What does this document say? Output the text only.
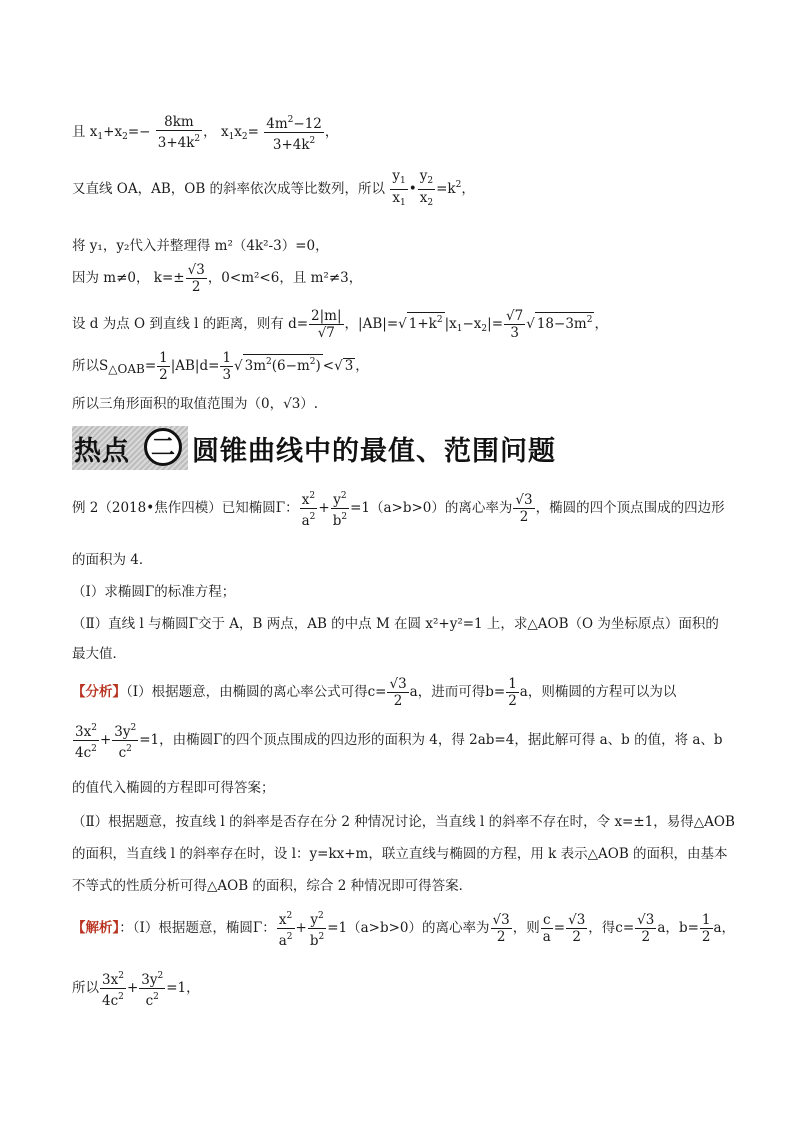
且 $x_1+x_2=- \frac{8km}{3+4k^2}$ ， $x_1x_2= \frac{4m^2-12}{3+4k^2}$ ，
又直线 OA，AB，OB 的斜率依次成等比数列，所以 $\frac{y_1}{x_1}$ • $\frac{y_2}{x_2} =k^2$，
将 y₁，y₂代入并整理得 m²（4k²-3）=0，
因为 m≠0， $k=\pm \frac{√3}{2}$ ，0<m²<6，且 m²≠3，
设 d 为点 O 到直线 l 的距离，则有 $d= \frac{2|m|}{√7}$ ，|AB|=√ $1+k^2$ $|x_1-x_2|= \frac{√7}{3}$ √ $18-3m^2$ ，
所以$S_{\triangle OAB}= \frac{1}{2} |AB|d= \frac{1}{3}$ √ $3m^2(6-m^2)$ <√ 3 ，
所以三角形面积的取值范围为（0，√3）.
热点 二 圆锥曲线中的最值、范围问题
例 2（2018•焦作四模）已知椭圆Γ： $\frac{x^2}{a^2} + \frac{y^2}{b^2} =1(a>b>0)$的离心率为 $\frac{√3}{2}$ ，椭圆的四个顶点围成的四边形
的面积为 4．
（Ⅰ）求椭圆Γ的标准方程；
（Ⅱ）直线 l 与椭圆Γ交于 A，B 两点，AB 的中点 M 在圆 x²+y²=1 上，求△AOB（O 为坐标原点）面积的
最大值．
【分析】（Ⅰ）根据题意，由椭圆的离心率公式可得$c= \frac{√3}{2}$ a，进而可得$b= \frac{1}{2}$ a，则椭圆的方程可以为以
$\frac{3x^2}{4c^2} + \frac{3y^2}{c^2} =1$，由椭圆Γ的四个顶点围成的四边形的面积为 4，得 2ab=4，据此解可得 a、b 的值，将 a、b
的值代入椭圆的方程即可得答案；
（Ⅱ）根据题意，按直线 l 的斜率是否存在分 2 种情况讨论，当直线 l 的斜率不存在时，令 x=±1，易得△AOB
的面积，当直线 l 的斜率存在时，设 l：y=kx+m，联立直线与椭圆的方程，用 k 表示△AOB 的面积，由基本
不等式的性质分析可得△AOB 的面积，综合 2 种情况即可得答案．
【解析】：（Ⅰ）根据题意，椭圆Γ： $\frac{x^2}{a^2} + \frac{y^2}{b^2} =1(a>b>0)$的离心率为 $\frac{√3}{2}$ ，则 $\frac{c}{a} = \frac{√3}{2}$ ，得$c= \frac{√3}{2}$ a，$b= \frac{1}{2}$ a，
所以 $\frac{3x^2}{4c^2} + \frac{3y^2}{c^2} =1$，
